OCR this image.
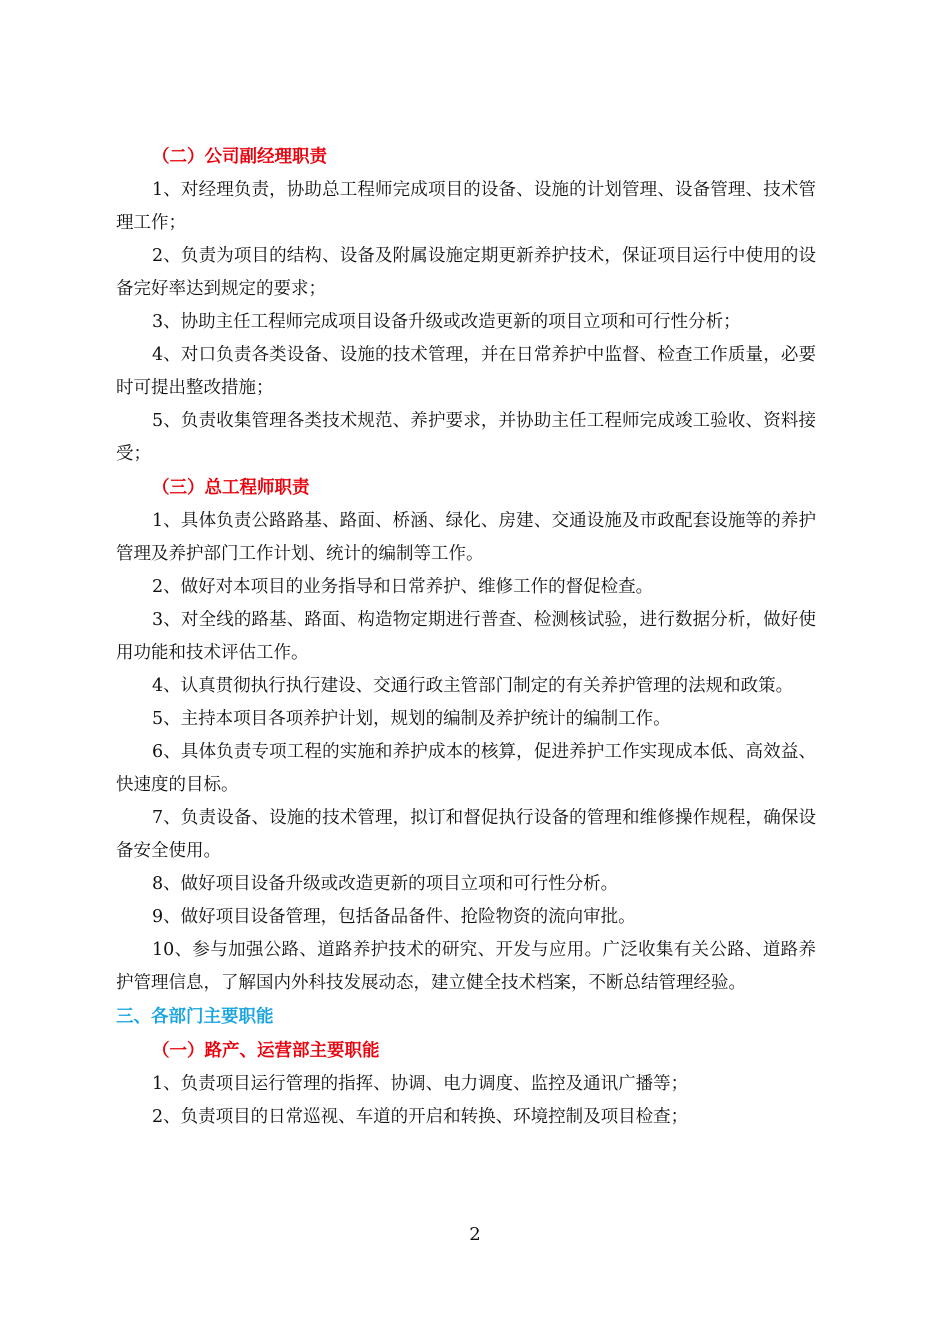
（二）公司副经理职责

1、对经理负责，协助总工程师完成项目的设备、设施的计划管理、设备管理、技术管理工作；

2、负责为项目的结构、设备及附属设施定期更新养护技术，保证项目运行中使用的设备完好率达到规定的要求；

3、协助主任工程师完成项目设备升级或改造更新的项目立项和可行性分析；

4、对口负责各类设备、设施的技术管理，并在日常养护中监督、检查工作质量，必要时可提出整改措施；

5、负责收集管理各类技术规范、养护要求，并协助主任工程师完成竣工验收、资料接受；

（三）总工程师职责

1、具体负责公路路基、路面、桥涵、绿化、房建、交通设施及市政配套设施等的养护管理及养护部门工作计划、统计的编制等工作。

2、做好对本项目的业务指导和日常养护、维修工作的督促检查。

3、对全线的路基、路面、构造物定期进行普查、检测核试验，进行数据分析，做好使用功能和技术评估工作。

4、认真贯彻执行执行建设、交通行政主管部门制定的有关养护管理的法规和政策。

5、主持本项目各项养护计划，规划的编制及养护统计的编制工作。

6、具体负责专项工程的实施和养护成本的核算，促进养护工作实现成本低、高效益、快速度的目标。

7、负责设备、设施的技术管理，拟订和督促执行设备的管理和维修操作规程，确保设备安全使用。

8、做好项目设备升级或改造更新的项目立项和可行性分析。

9、做好项目设备管理，包括备品备件、抢险物资的流向审批。

10、参与加强公路、道路养护技术的研究、开发与应用。广泛收集有关公路、道路养护管理信息，了解国内外科技发展动态，建立健全技术档案，不断总结管理经验。

三、各部门主要职能

（一）路产、运营部主要职能

1、负责项目运行管理的指挥、协调、电力调度、监控及通讯广播等；

2、负责项目的日常巡视、车道的开启和转换、环境控制及项目检查；

2
